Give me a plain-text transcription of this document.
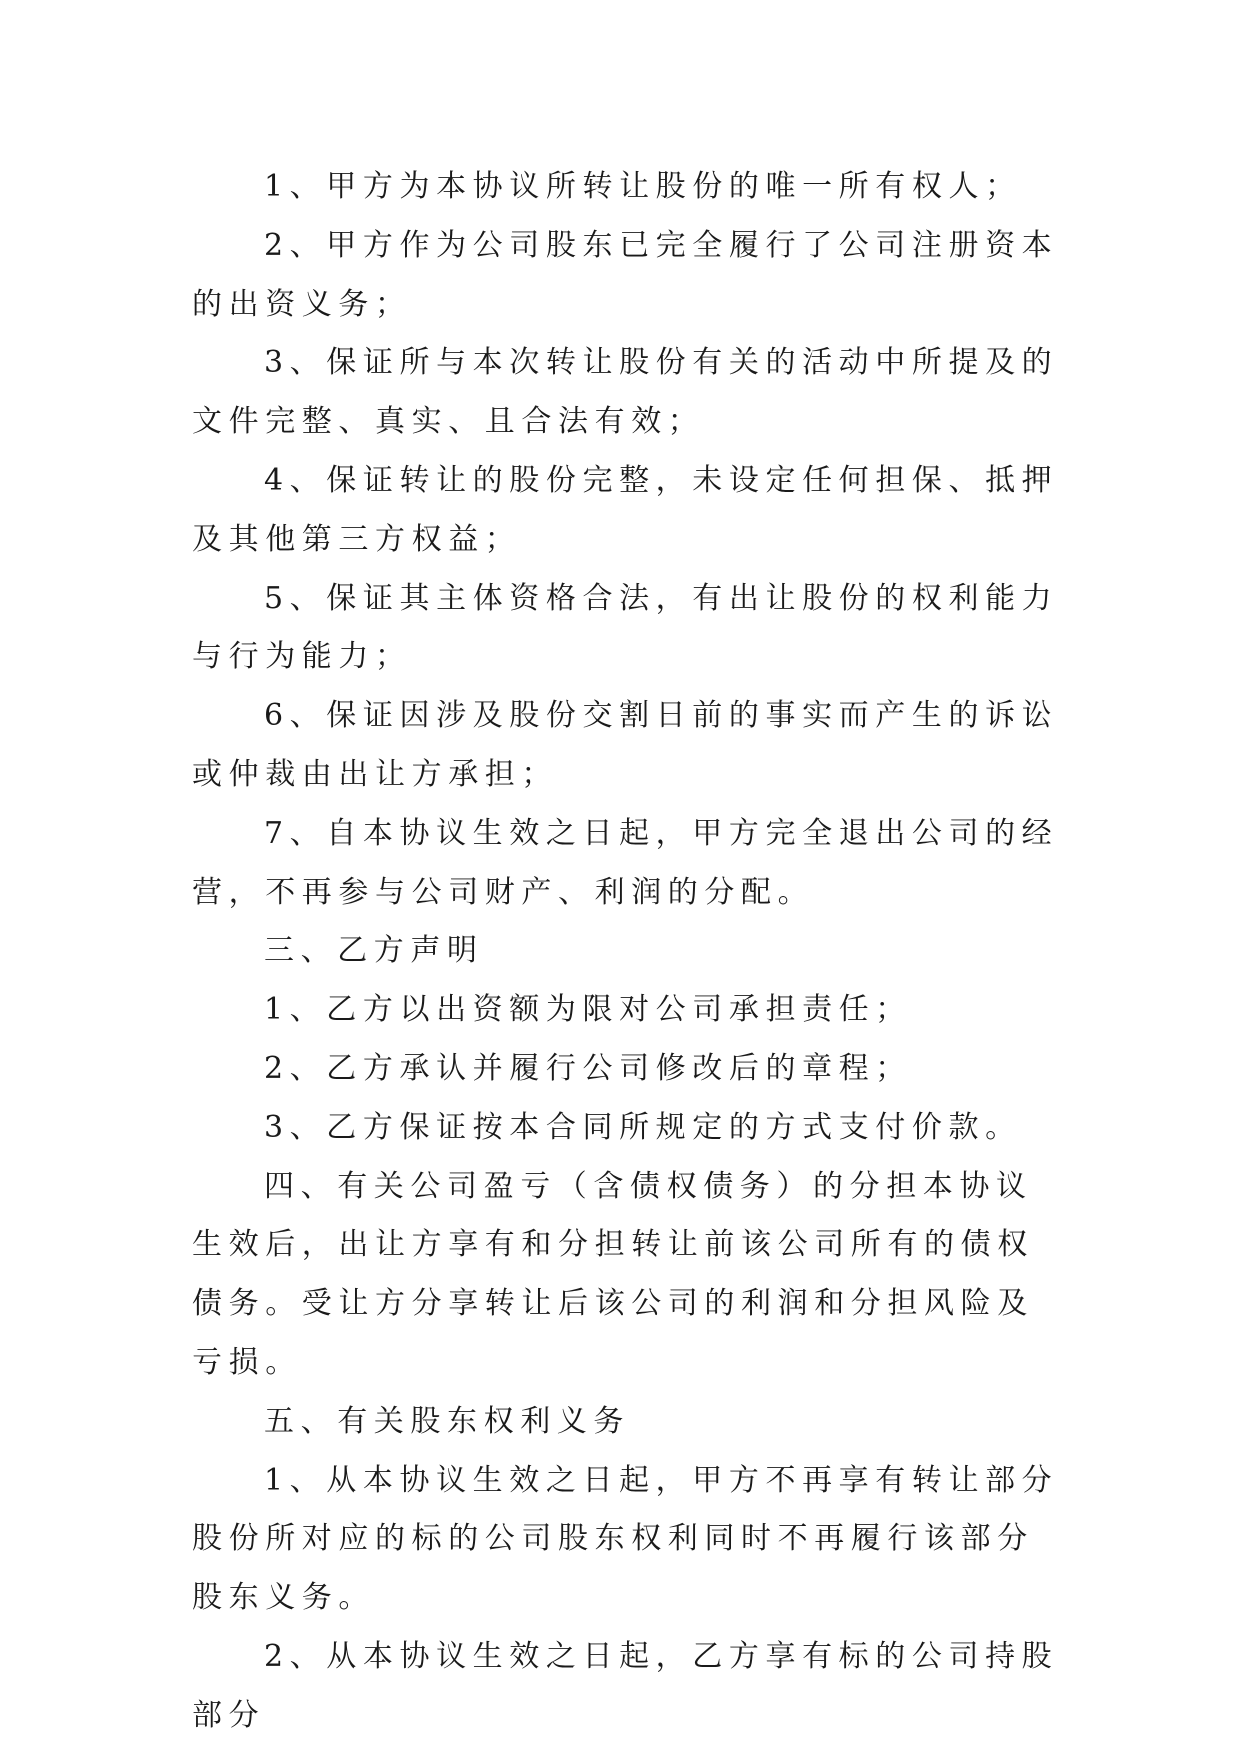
1、甲方为本协议所转让股份的唯一所有权人；

2、甲方作为公司股东已完全履行了公司注册资本的出资义务；

3、保证所与本次转让股份有关的活动中所提及的文件完整、真实、且合法有效；

4、保证转让的股份完整，未设定任何担保、抵押及其他第三方权益；

5、保证其主体资格合法，有出让股份的权利能力与行为能力；

6、保证因涉及股份交割日前的事实而产生的诉讼或仲裁由出让方承担；

7、自本协议生效之日起，甲方完全退出公司的经营，不再参与公司财产、利润的分配。

三、乙方声明

1、乙方以出资额为限对公司承担责任；

2、乙方承认并履行公司修改后的章程；

3、乙方保证按本合同所规定的方式支付价款。

四、有关公司盈亏（含债权债务）的分担本协议生效后，出让方享有和分担转让前该公司所有的债权债务。受让方分享转让后该公司的利润和分担风险及亏损。

五、有关股东权利义务

1、从本协议生效之日起，甲方不再享有转让部分股份所对应的标的公司股东权利同时不再履行该部分股东义务。

2、从本协议生效之日起，乙方享有标的公司持股部分
